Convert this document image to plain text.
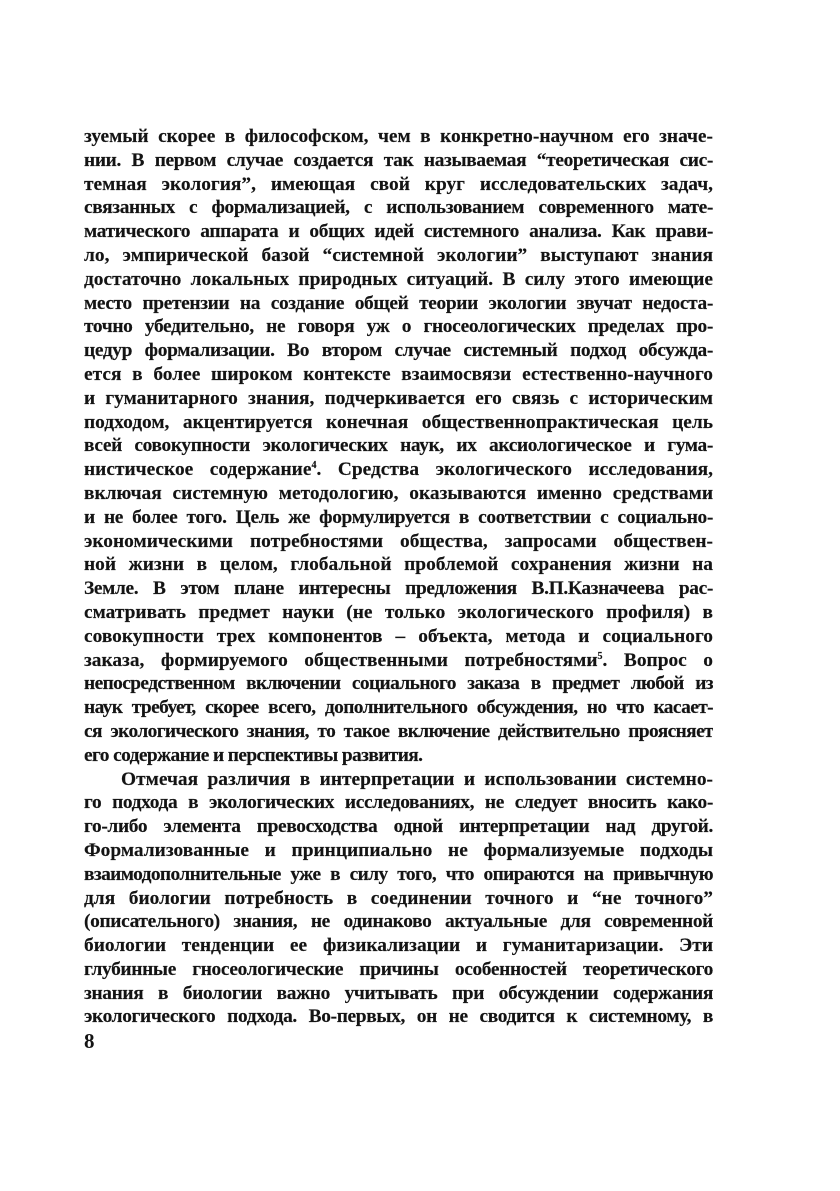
зуемый скорее в философском, чем в конкретно-научном его значе-
нии. В первом случае создается так называемая “теоретическая сис-
темная экология”, имеющая свой круг исследовательских задач,
связанных с формализацией, с использованием современного мате-
матического аппарата и общих идей системного анализа. Как прави-
ло, эмпирической базой “системной экологии” выступают знания
достаточно локальных природных ситуаций. В силу этого имеющие
место претензии на создание общей теории экологии звучат недоста-
точно убедительно, не говоря уж о гносеологических пределах про-
цедур формализации. Во втором случае системный подход обсужда-
ется в более широком контексте взаимосвязи естественно-научного
и гуманитарного знания, подчеркивается его связь с историческим
подходом, акцентируется конечная общественнопрактическая цель
всей совокупности экологических наук, их аксиологическое и гума-
нистическое содержание$^4$. Средства экологического исследования,
включая системную методологию, оказываются именно средствами
и не более того. Цель же формулируется в соответствии с социально-
экономическими потребностями общества, запросами обществен-
ной жизни в целом, глобальной проблемой сохранения жизни на
Земле. В этом плане интересны предложения В.П.Казначеева рас-
сматривать предмет науки (не только экологического профиля) в
совокупности трех компонентов – объекта, метода и социального
заказа, формируемого общественными потребностями$^5$. Вопрос о
непосредственном включении социального заказа в предмет любой из
наук требует, скорее всего, дополнительного обсуждения, но что касает-
ся экологического знания, то такое включение действительно проясняет
его содержание и перспективы развития.
Отмечая различия в интерпретации и использовании системно-
го подхода в экологических исследованиях, не следует вносить како-
го-либо элемента превосходства одной интерпретации над другой.
Формализованные и принципиально не формализуемые подходы
взаимодополнительные уже в силу того, что опираются на привычную
для биологии потребность в соединении точного и “не точного”
(описательного) знания, не одинаково актуальные для современной
биологии тенденции ее физикализации и гуманитаризации. Эти
глубинные гносеологические причины особенностей теоретического
знания в биологии важно учитывать при обсуждении содержания
экологического подхода. Во-первых, он не сводится к системному, в
8
